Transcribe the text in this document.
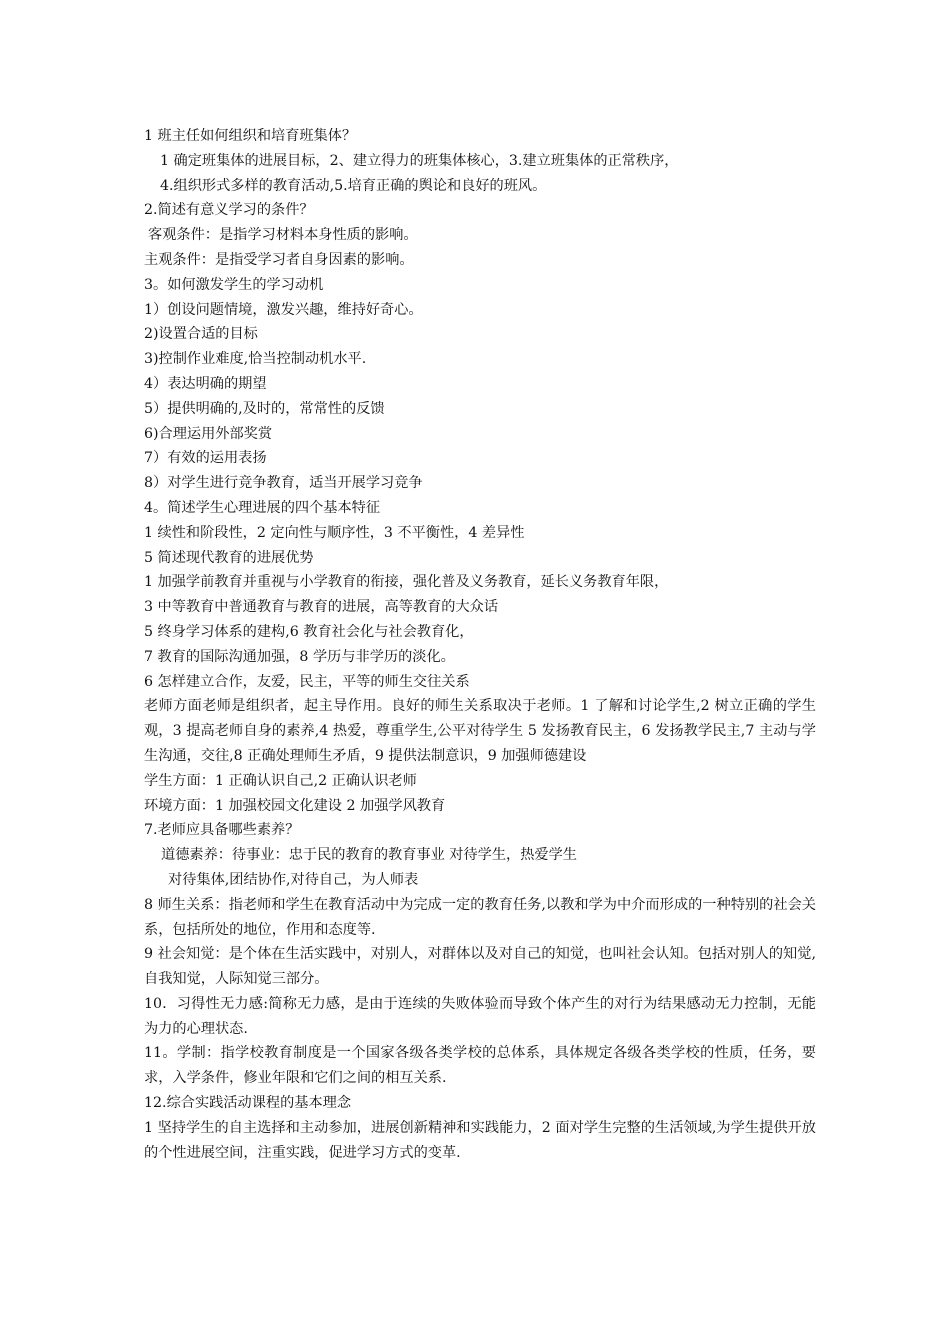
1 班主任如何组织和培育班集体？
1 确定班集体的进展目标，2、建立得力的班集体核心，3.建立班集体的正常秩序，
4.组织形式多样的教育活动,5.培育正确的舆论和良好的班风。
2.简述有意义学习的条件？
客观条件：是指学习材料本身性质的影响。
主观条件：是指受学习者自身因素的影响。
3。如何激发学生的学习动机
1）创设问题情境，激发兴趣，维持好奇心。
2)设置合适的目标
3)控制作业难度,恰当控制动机水平.
4）表达明确的期望
5）提供明确的,及时的，常常性的反馈
6)合理运用外部奖赏
7）有效的运用表扬
8）对学生进行竞争教育，适当开展学习竞争
4。简述学生心理进展的四个基本特征
1 续性和阶段性，2 定向性与顺序性，3 不平衡性，4 差异性
5 简述现代教育的进展优势
1 加强学前教育并重视与小学教育的衔接，强化普及义务教育，延长义务教育年限，
3 中等教育中普通教育与教育的进展，高等教育的大众话
5 终身学习体系的建构,6 教育社会化与社会教育化，
7 教育的国际沟通加强，8 学历与非学历的淡化。
6 怎样建立合作，友爱，民主，平等的师生交往关系
老师方面老师是组织者，起主导作用。良好的师生关系取决于老师。1 了解和讨论学生,2 树立正确的学生观，3 提高老师自身的素养,4 热爱，尊重学生,公平对待学生 5 发扬教育民主，6 发扬教学民主,7 主动与学生沟通，交往,8 正确处理师生矛盾，9 提供法制意识，9 加强师德建设
学生方面：1 正确认识自己,2 正确认识老师
环境方面：1 加强校园文化建设 2 加强学风教育
7.老师应具备哪些素养？
道德素养：待事业：忠于民的教育的教育事业 对待学生，热爱学生
对待集体,团结协作,对待自己，为人师表
8 师生关系：指老师和学生在教育活动中为完成一定的教育任务,以教和学为中介而形成的一种特别的社会关系，包括所处的地位，作用和态度等.
9 社会知觉：是个体在生活实践中，对别人，对群体以及对自己的知觉，也叫社会认知。包括对别人的知觉,自我知觉，人际知觉三部分。
10．习得性无力感:简称无力感，是由于连续的失败体验而导致个体产生的对行为结果感动无力控制，无能为力的心理状态.
11。学制：指学校教育制度是一个国家各级各类学校的总体系，具体规定各级各类学校的性质，任务，要求，入学条件，修业年限和它们之间的相互关系.
12.综合实践活动课程的基本理念
1 坚持学生的自主选择和主动参加，进展创新精神和实践能力，2 面对学生完整的生活领域,为学生提供开放的个性进展空间，注重实践，促进学习方式的变革.
